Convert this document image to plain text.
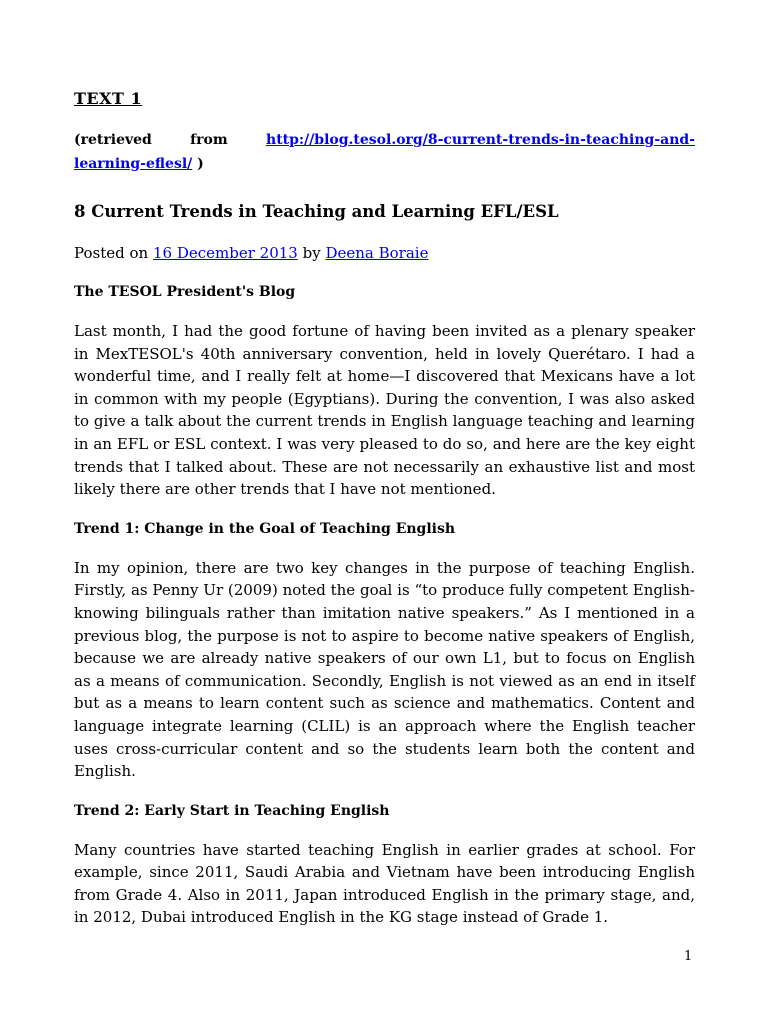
TEXT 1

(retrieved from	http://blog.tesol.org/8-current-trends-in-teaching-and-learning-eflesl/ )

8 Current Trends in Teaching and Learning EFL/ESL

Posted on 16 December 2013 by Deena Boraie

The TESOL President's Blog

Last month, I had the good fortune of having been invited as a plenary speaker in MexTESOL's 40th anniversary convention, held in lovely Querétaro. I had a wonderful time, and I really felt at home—I discovered that Mexicans have a lot in common with my people (Egyptians). During the convention, I was also asked to give a talk about the current trends in English language teaching and learning in an EFL or ESL context. I was very pleased to do so, and here are the key eight trends that I talked about. These are not necessarily an exhaustive list and most likely there are other trends that I have not mentioned.

Trend 1: Change in the Goal of Teaching English

In my opinion, there are two key changes in the purpose of teaching English. Firstly, as Penny Ur (2009) noted the goal is “to produce fully competent English-knowing bilinguals rather than imitation native speakers.” As I mentioned in a previous blog, the purpose is not to aspire to become native speakers of English, because we are already native speakers of our own L1, but to focus on English as a means of communication. Secondly, English is not viewed as an end in itself but as a means to learn content such as science and mathematics. Content and language integrate learning (CLIL) is an approach where the English teacher uses cross-curricular content and so the students learn both the content and English.

Trend 2: Early Start in Teaching English

Many countries have started teaching English in earlier grades at school. For example, since 2011, Saudi Arabia and Vietnam have been introducing English from Grade 4. Also in 2011, Japan introduced English in the primary stage, and, in 2012, Dubai introduced English in the KG stage instead of Grade 1.

1
